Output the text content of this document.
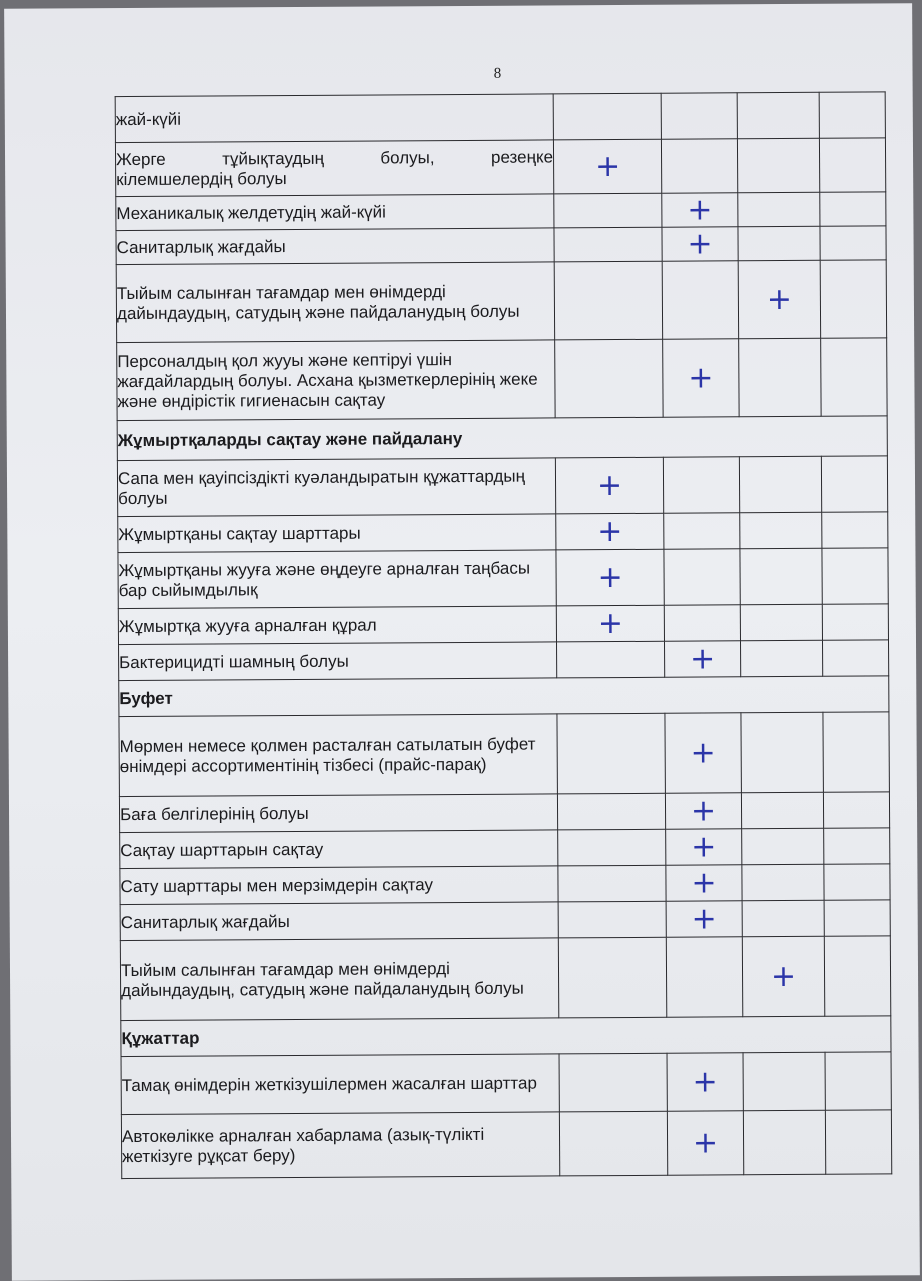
8
жай-күйі				

Жерге тұйықтаудың болуы, резеңке
кілемшелердің болуы	+			
Механикалық желдетудің жай-күйі		+		
Санитарлық жағдайы		+		
Тыйым салынған тағамдар мен өнімдерді дайындаудың, сатудың және пайдаланудың болуы			+	
Персоналдың қол жууы және кептіруі үшін жағдайлардың болуы. Асхана қызметкерлерінің жеке және өндірістік гигиенасын сақтау		+		
Жұмыртқаларды сақтау және пайдалану				
Сапа мен қауіпсіздікті куәландыратын құжаттардың болуы	+			
Жұмыртқаны сақтау шарттары	+			
Жұмыртқаны жууға және өңдеуге арналған таңбасы бар сыйымдылық	+			
Жұмыртқа жууға арналған құрал	+			
Бактерицидті шамның болуы		+		
Буфет				
Мөрмен немесе қолмен расталған сатылатын буфет өнімдері ассортиментінің тізбесі (прайс-парақ)		+		
Баға белгілерінің болуы		+		
Сақтау шарттарын сақтау		+		
Сату шарттары мен мерзімдерін сақтау		+		
Санитарлық жағдайы		+		
Тыйым салынған тағамдар мен өнімдерді дайындаудың, сатудың және пайдаланудың болуы			+	
Құжаттар				
Тамақ өнімдерін жеткізушілермен жасалған шарттар		+		
Автокөлікке арналған хабарлама (азық-түлікті жеткізуге рұқсат беру)		+		
